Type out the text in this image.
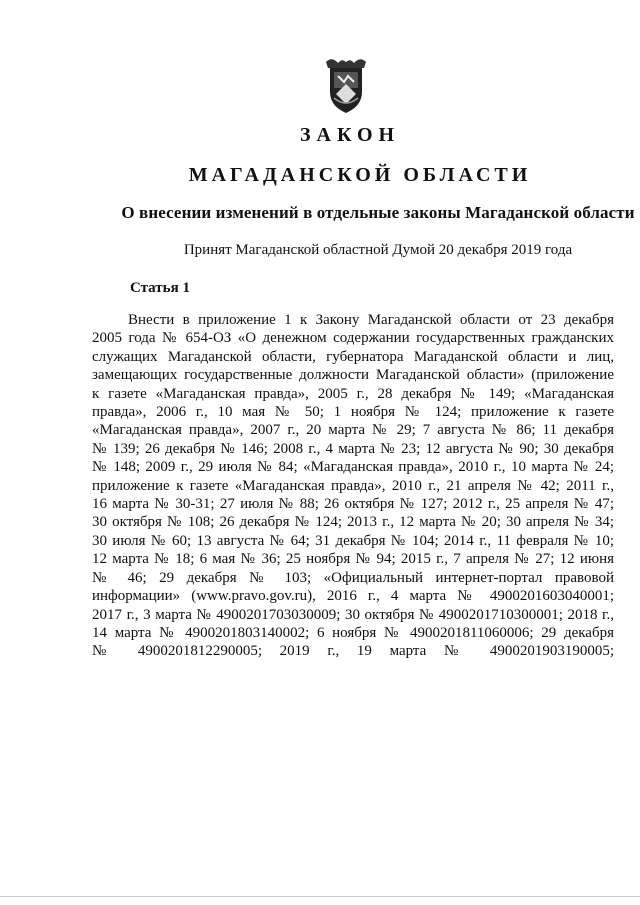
ЗАКОН
МАГАДАНСКОЙ ОБЛАСТИ
О внесении изменений в отдельные законы Магаданской области
Принят Магаданской областной Думой 20 декабря 2019 года
Статья 1
Внести в приложение 1 к Закону Магаданской области от 23 декабря
2005 года № 654-ОЗ «О денежном содержании государственных гражданских
служащих Магаданской области, губернатора Магаданской области и лиц,
замещающих государственные должности Магаданской области» (приложение
к газете «Магаданская правда», 2005 г., 28 декабря № 149; «Магаданская
правда», 2006 г., 10 мая № 50; 1 ноября № 124; приложение к газете
«Магаданская правда», 2007 г., 20 марта № 29; 7 августа № 86; 11 декабря
№ 139; 26 декабря № 146; 2008 г., 4 марта № 23; 12 августа № 90; 30 декабря
№ 148; 2009 г., 29 июля № 84; «Магаданская правда», 2010 г., 10 марта № 24;
приложение к газете «Магаданская правда», 2010 г., 21 апреля № 42; 2011 г.,
16 марта № 30-31; 27 июля № 88; 26 октября № 127; 2012 г., 25 апреля № 47;
30 октября № 108; 26 декабря № 124; 2013 г., 12 марта № 20; 30 апреля № 34;
30 июля № 60; 13 августа № 64; 31 декабря № 104; 2014 г., 11 февраля № 10;
12 марта № 18; 6 мая № 36; 25 ноября № 94; 2015 г., 7 апреля № 27; 12 июня
№ 46; 29 декабря № 103; «Официальный интернет-портал правовой
информации» (www.pravo.gov.ru), 2016 г., 4 марта № 4900201603040001;
2017 г., 3 марта № 4900201703030009; 30 октября № 4900201710300001; 2018 г.,
14 марта № 4900201803140002; 6 ноября № 4900201811060006; 29 декабря
№ 4900201812290005; 2019 г., 19 марта № 4900201903190005;
